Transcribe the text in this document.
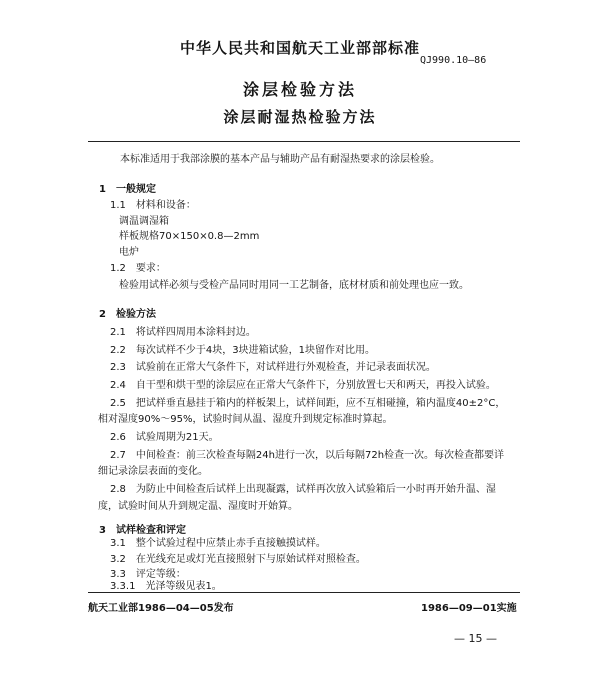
中华人民共和国航天工业部部标准
QJ990.10—86
涂层检验方法
涂层耐湿热检验方法
本标准适用于我部涂膜的基本产品与辅助产品有耐湿热要求的涂层检验。
1　一般规定
1.1　材料和设备：
调温调湿箱
样板规格70×150×0.8—2mm
电炉
1.2　要求：
检验用试样必须与受检产品同时用同一工艺制备，底材材质和前处理也应一致。
2　检验方法
2.1　将试样四周用本涂料封边。
2.2　每次试样不少于4块，3块进箱试验，1块留作对比用。
2.3　试验前在正常大气条件下，对试样进行外观检查，并记录表面状况。
2.4　自干型和烘干型的涂层应在正常大气条件下，分别放置七天和两天，再投入试验。
2.5　把试样垂直悬挂于箱内的样板架上，试样间距，应不互相碰撞，箱内温度40±2°C，
相对湿度90%～95%，试验时间从温、湿度升到规定标准时算起。
2.6　试验周期为21天。
2.7　中间检查：前三次检查每隔24h进行一次，以后每隔72h检查一次。每次检查都要详
细记录涂层表面的变化。
2.8　为防止中间检查后试样上出现凝露，试样再次放入试验箱后一小时再开始升温、湿
度，试验时间从升到规定温、湿度时开始算。
3　试样检查和评定
3.1　整个试验过程中应禁止赤手直接触摸试样。
3.2　在光线充足或灯光直接照射下与原始试样对照检查。
3.3　评定等级：
3.3.1　光泽等级见表1。
航天工业部1986—04—05发布	1986—09—01实施
— 15 —
